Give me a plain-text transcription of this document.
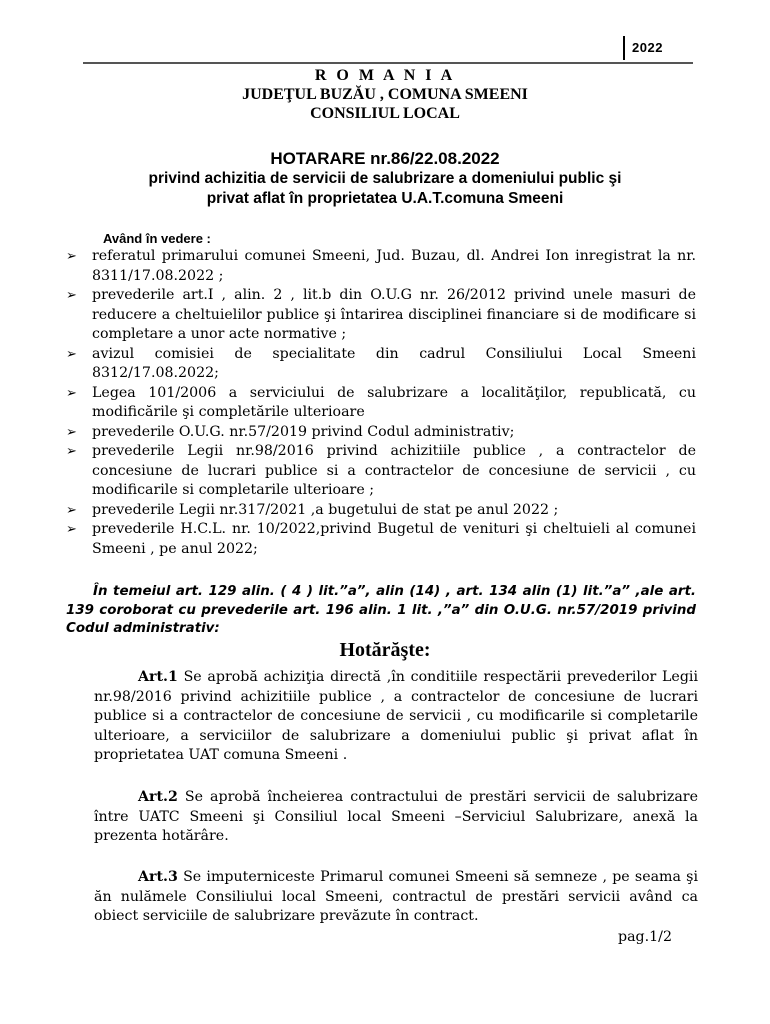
2022
R O M A N I A
JUDEŢUL BUZĂU , COMUNA SMEENI
CONSILIUL LOCAL
HOTARARE nr.86/22.08.2022
privind achizitia de servicii de salubrizare a domeniului public şi
privat aflat în proprietatea U.A.T.comuna Smeeni
Având în vedere :
➢ referatul primarului comunei Smeeni, Jud. Buzau, dl. Andrei Ion inregistrat la nr. 8311/17.08.2022 ;
➢ prevederile art.I , alin. 2 , lit.b din O.U.G nr. 26/2012 privind unele masuri de reducere a cheltuielilor publice şi întarirea disciplinei financiare si de modificare si completare a unor acte normative ;
➢ avizul comisiei de specialitate din cadrul Consiliului Local Smeeni 8312/17.08.2022;
➢ Legea 101/2006 a serviciului de salubrizare a localităţilor, republicată, cu modificările şi completările ulterioare
➢ prevederile O.U.G. nr.57/2019 privind Codul administrativ;
➢ prevederile Legii nr.98/2016 privind achizitiile publice , a contractelor de concesiune de lucrari publice si a contractelor de concesiune de servicii , cu modificarile si completarile ulterioare ;
➢ prevederile Legii nr.317/2021 ,a bugetului de stat pe anul 2022 ;
➢ prevederile H.C.L. nr. 10/2022,privind Bugetul de venituri şi cheltuieli al comunei Smeeni , pe anul 2022;
În temeiul art. 129 alin. ( 4 ) lit.”a”, alin (14) , art. 134 alin (1) lit.”a” ,ale art. 139 coroborat cu prevederile art. 196 alin. 1 lit. ,”a” din O.U.G. nr.57/2019 privind Codul administrativ:
Hotărăşte:
Art.1 Se aprobă achiziţia directă ,în conditiile respectării prevederilor Legii nr.98/2016 privind achizitiile publice , a contractelor de concesiune de lucrari publice si a contractelor de concesiune de servicii , cu modificarile si completarile ulterioare, a serviciilor de salubrizare a domeniului public şi privat aflat în proprietatea UAT comuna Smeeni .
Art.2 Se aprobă încheierea contractului de prestări servicii de salubrizare între UATC Smeeni şi Consiliul local Smeeni –Serviciul Salubrizare, anexă la prezenta hotărâre.
Art.3 Se imputerniceste Primarul comunei Smeeni să semneze , pe seama şi ăn nulămele Consiliului local Smeeni, contractul de prestări servicii având ca obiect serviciile de salubrizare prevăzute în contract.
pag.1/2
